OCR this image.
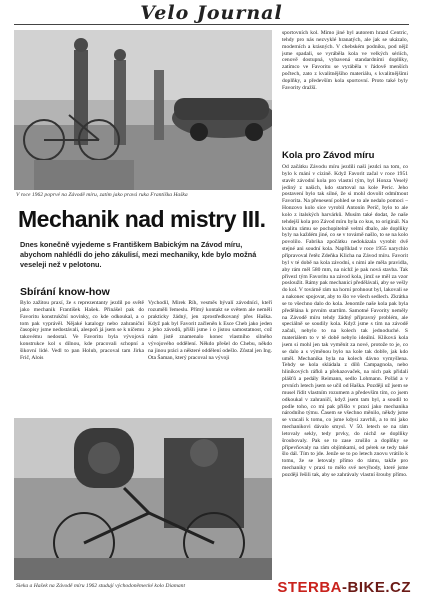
Velo Journal
V roce 1962 poprvé na Závodě míru, zatím jako pravá ruka Františka Haška
Mechanik nad mistry III.
Dnes konečně vyjedeme s Františkem Babickým na Závod míru, abychom nahlédli do jeho zákulisí, mezi mechaniky, kde bylo možná veseleji než v pelotonu.
Sbírání know-how
Bylo zažitou praxí, že s reprezentanty jezdil po světě jako mechanik František Hašek. Přinášel pak do Favoritu konstrukční novinky, co kde odkoukal, a o tom pak vyprávěl. Nějaké katalogy nebo zahraniční časopisy jsme nedostávali, alespoň já jsem se k ničemu takovému nedostal. Ve Favoritu byla vývojová konstrukce kol s dílnou, kde pracovali schopní a šikovní lidé. Vedl to pan Holub, pracoval tam Jirka Frič, Alois
Vychodil, Mirek Říh, vesměs bývalí závodníci, kteří rozuměli řemeslu. Přímý kontakt se světem ale neměli prakticky žádný, jen zprostředkovaný přes Haška. Když pak byl Favorit začleněn k Esce Cheb jako jeden z jeho závodů, přišli jsme i o jistou samostatnost, což nám jistě znamenalo konec vlastního silného vývojového oddělení. Někdo přešel do Chebu, někdo na jinou práci a některé oddělení odešlo. Zůstal jen Ing. Ota Šaman, který pracoval na vývoji
Sieka a Hašek na Závodě míru 1962 studují východoněmecké kolo Diamant
sportovních kol. Mimo jiné byl autorem hrazd Centric, tehdy pro nás nezvyklé hranatých, ale jak se ukázalo, moderních a krásných. V chebském podniku, pod nějž jsme spadali, se vyráběla kola ve velkých sériích, cenově dostupná, vybavená standardními doplňky, zatímco ve Favoritu se vyráběla v řádově menších počtech, zato z kvalitnějšího materiálu, s kvalitnějšími doplňky, a především kola sportovní. Proto také byly Favority dražší.
Kola pro Závod míru
Od začátku Závodu míru jezdili naši jezdci na tom, co bylo k mání v cizině. Když Favorit začal v roce 1951 stavět závodní kola pro vlastní tým, byl Honza Veselý jediný z našich, kdo startoval na kole Peric. Jeho postavení bylo tak silné, že si mohl dovolit odmítnout Favorita. Na přenesení pohled se to ale nedalo pomoci – Honzovo kolo sice vyrobil Antonín Perič, bylo to ale kolo z italských harvárků. Musím také dodat, že naše tehdejší kola pro Závod míru byla co kus, to originál. Na kvalitu rámu se pochopitelně velmi dbalo, ale doplňky byly na každém jiné, co se v továrně našlo, to se na kolo povolilo. Fabrika zpočátku nedokázala vyrobit dvě stejné ani soudní kola. Například v roce 1955 narychlo připravoval řetěz Zdeňka Klicha na Závod míru. Favorit byl v té době na kola závodní, s nimi ale měla pravidla, aby rám měl 580 mm, na nichž je pak nová stavba. Tak přivezl tým Favoritu na závod kola, jimž se měl za vzor posloužit. Rámy pak mechanici předělávali, aby se vešly do kol. V továrně rám na horní prohnout byl, lakovali se a nakonec spojovat, aby to šlo ve všech sedlech. Zkrátka se to všechno dalo do kola. Jenomže naše kola pak byla předělána k prvním startům. Samotné Favority neměly na Závodě míru tehdy žádný přípravný problém, ale speciálně se soudily kola. Když jsme s tím na závodě začali, nebylo to na kolech tak jednoduché. S materiálem to v té době nebylo ideální. Kliková kola jsem si mohl jen tak vyměnit za nové, protože to je, co se dalo a s výměnou bylo na kole tak dobře, jak kdo uměl. Mechanika byla na kolech dávno vymyšlena. Tehdy se kola skládala z dílů Campagnola, nebo hliníkových ráfků a přehazovaček, na nich pak přidali plášťů a pedály Reimann, sedlo Lohmann. Pořád a v prvních letech jsem se učil od Haška. Později už jsem se musel řídit vlastním rozumem a především tím, co jsem odkoukal v zahraničí, když jsem tam byl, a soudil to podle toho, co mi pak přišlo v praxi jako mechanika národního týmu. Časem se všechno měnilo, někdy jsme se vracali k tomu, co jsme kdysi zavrhli, a to mi jako mechanikovi dávalo smysl. V 50. letech se na rám letovaly sekly, tedy prvky, do nichž se doplňky šroubovaly. Pak se to zase zrušilo a doplňky se připevňovaly na rám objímkami, od pérek se tedy také šlo dál. Tím to jde. Jenže se to po letech znovu vrátilo k tomu, že se letovaly přímo do rámu, takže pro mechaniky v praxi to mělo své nevýhody, které jsme později řešili tak, aby se zahrávaly vlastní šrouby přímo.
STERBA-BIKE.CZ
